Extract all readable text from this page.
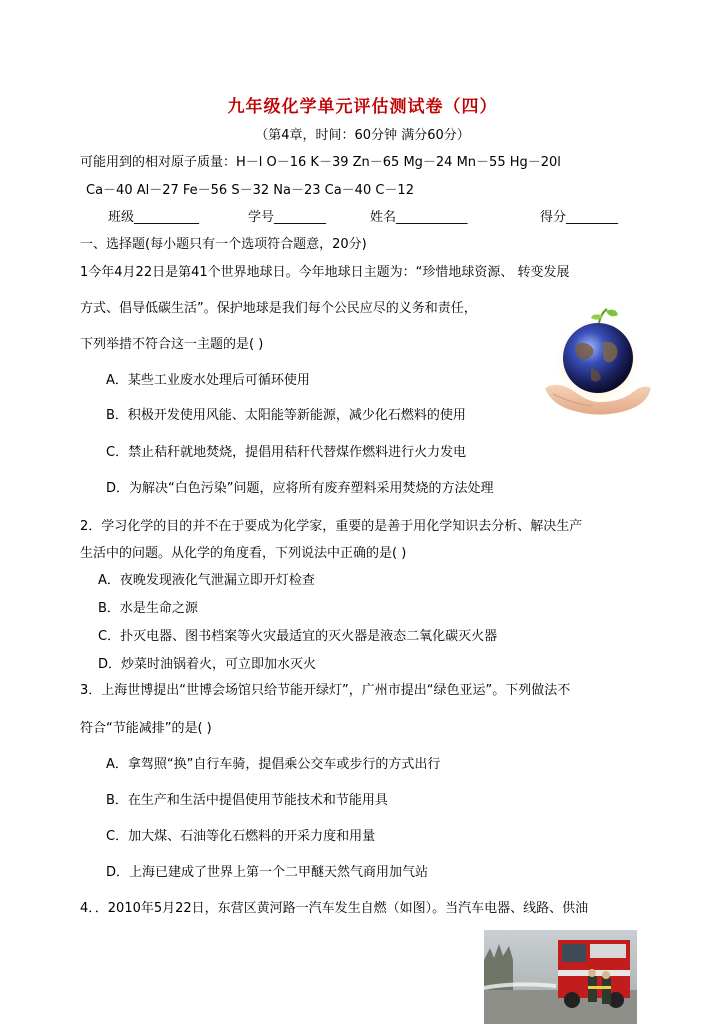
九年级化学单元评估测试卷（四）
（第4章，时间：60分钟 满分60分）
可能用到的相对原子质量：H－l O－16 K－39 Zn－65 Mg－24 Mn－55 Hg－20l
Ca－40 Al－27 Fe－56 S－32 Na－23 Ca－40 C－12
班级__________	学号________	姓名___________	得分________
一、选择题(每小题只有一个选项符合题意，20分)
1今年4月22日是第41个世界地球日。今年地球日主题为：“珍惜地球资源、 转变发展
方式、倡导低碳生活”。保护地球是我们每个公民应尽的义务和责任，
下列举措不符合这一主题的是( )
A．某些工业废水处理后可循环使用
B．积极开发使用风能、太阳能等新能源，减少化石燃料的使用
C．禁止秸秆就地焚烧，提倡用秸秆代替煤作燃料进行火力发电
D．为解决“白色污染”问题，应将所有废弃塑料采用焚烧的方法处理
2．学习化学的目的并不在于要成为化学家，重要的是善于用化学知识去分析、解决生产
生活中的问题。从化学的角度看，下列说法中正确的是( )
A．夜晚发现液化气泄漏立即开灯检查
B．水是生命之源
C．扑灭电器、图书档案等火灾最适宜的灭火器是液态二氧化碳灭火器
D．炒菜时油锅着火，可立即加水灭火
3．上海世博提出“世博会场馆只给节能开绿灯”，广州市提出“绿色亚运”。下列做法不
符合“节能减排”的是( )
A．拿驾照“换”自行车骑，提倡乘公交车或步行的方式出行
B．在生产和生活中提倡使用节能技术和节能用具
C．加大煤、石油等化石燃料的开采力度和用量
D．上海已建成了世界上第一个二甲醚天然气商用加气站
4．．2010年5月22日，东营区黄河路一汽车发生自燃（如图）。当汽车电器、线路、供油
